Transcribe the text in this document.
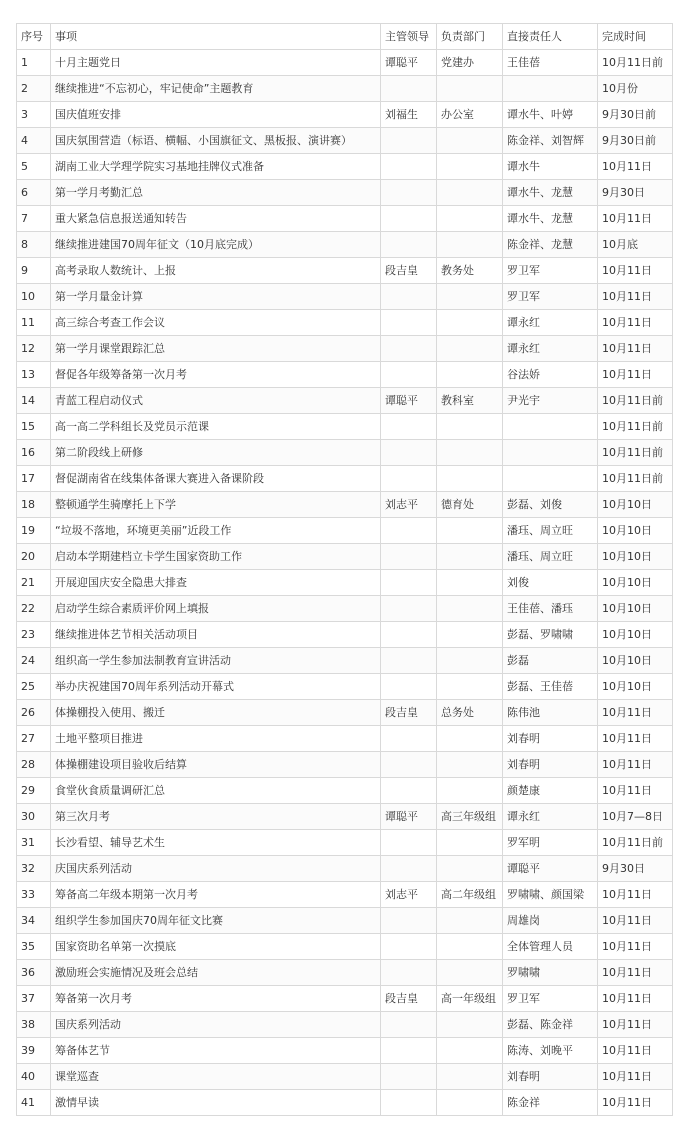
序号	事项	主管领导	负责部门	直接责任人	完成时间
1	十月主题党日	谭聪平	党建办	王佳蓓	10月11日前
2	继续推进“不忘初心，牢记使命”主题教育				10月份
3	国庆值班安排	刘福生	办公室	谭水牛、叶婷	9月30日前
4	国庆氛围营造（标语、横幅、小国旗征文、黑板报、演讲赛）			陈金祥、刘智辉	9月30日前
5	湖南工业大学理学院实习基地挂牌仪式准备			谭水牛	10月11日
6	第一学月考勤汇总			谭水牛、龙慧	9月30日
7	重大紧急信息报送通知转告			谭水牛、龙慧	10月11日
8	继续推进建国70周年征文（10月底完成）			陈金祥、龙慧	10月底
9	高考录取人数统计、上报	段吉皇	教务处	罗卫军	10月11日
10	第一学月量金计算			罗卫军	10月11日
11	高三综合考查工作会议			谭永红	10月11日
12	第一学月课堂跟踪汇总			谭永红	10月11日
13	督促各年级筹备第一次月考			谷法娇	10月11日
14	青蓝工程启动仪式	谭聪平	教科室	尹光宇	10月11日前
15	高一高二学科组长及党员示范课				10月11日前
16	第二阶段线上研修				10月11日前
17	督促湖南省在线集体备课大赛进入备课阶段				10月11日前
18	整顿通学生骑摩托上下学	刘志平	德育处	彭磊、刘俊	10月10日
19	“垃圾不落地，环境更美丽”近段工作			潘珏、周立旺	10月10日
20	启动本学期建档立卡学生国家资助工作			潘珏、周立旺	10月10日
21	开展迎国庆安全隐患大排查			刘俊	10月10日
22	启动学生综合素质评价网上填报			王佳蓓、潘珏	10月10日
23	继续推进体艺节相关活动项目			彭磊、罗啸啸	10月10日
24	组织高一学生参加法制教育宣讲活动			彭磊	10月10日
25	举办庆祝建国70周年系列活动开幕式			彭磊、王佳蓓	10月10日
26	体操棚投入使用、搬迁	段吉皇	总务处	陈伟池	10月11日
27	土地平整项目推进			刘春明	10月11日
28	体操棚建设项目验收后结算			刘春明	10月11日
29	食堂伙食质量调研汇总			颜楚康	10月11日
30	第三次月考	谭聪平	高三年级组	谭永红	10月7—8日
31	长沙看望、辅导艺术生			罗军明	10月11日前
32	庆国庆系列活动			谭聪平	9月30日
33	筹备高二年级本期第一次月考	刘志平	高二年级组	罗啸啸、颜国梁	10月11日
34	组织学生参加国庆70周年征文比赛			周雄岗	10月11日
35	国家资助名单第一次摸底			全体管理人员	10月11日
36	激励班会实施情况及班会总结			罗啸啸	10月11日
37	筹备第一次月考	段吉皇	高一年级组	罗卫军	10月11日
38	国庆系列活动			彭磊、陈金祥	10月11日
39	筹备体艺节			陈涛、刘晚平	10月11日
40	课堂巡查			刘春明	10月11日
41	激情早读			陈金祥	10月11日
